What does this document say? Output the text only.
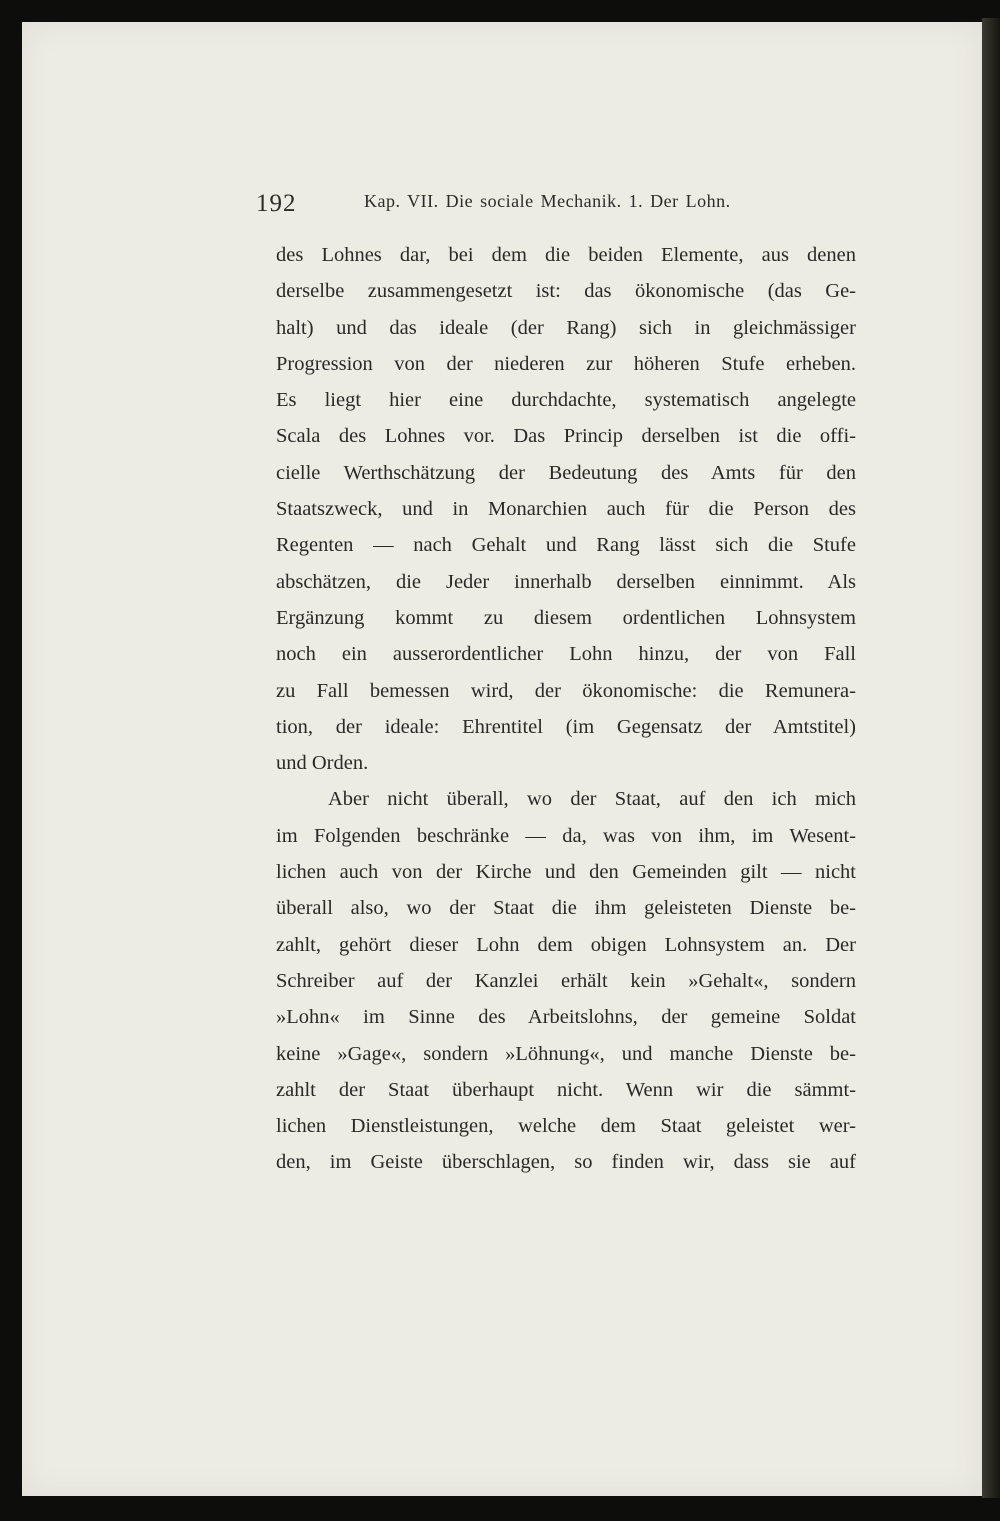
192	Kap. VII. Die sociale Mechanik. 1. Der Lohn.
des Lohnes dar, bei dem die beiden Elemente, aus denen
derselbe zusammengesetzt ist: das ökonomische (das Ge-
halt) und das ideale (der Rang) sich in gleichmässiger
Progression von der niederen zur höheren Stufe erheben.
Es liegt hier eine durchdachte, systematisch angelegte
Scala des Lohnes vor. Das Princip derselben ist die offi-
cielle Werthschätzung der Bedeutung des Amts für den
Staatszweck, und in Monarchien auch für die Person des
Regenten — nach Gehalt und Rang lässt sich die Stufe
abschätzen, die Jeder innerhalb derselben einnimmt. Als
Ergänzung kommt zu diesem ordentlichen Lohnsystem
noch ein ausserordentlicher Lohn hinzu, der von Fall
zu Fall bemessen wird, der ökonomische: die Remunera-
tion, der ideale: Ehrentitel (im Gegensatz der Amtstitel)
und Orden.
Aber nicht überall, wo der Staat, auf den ich mich
im Folgenden beschränke — da, was von ihm, im Wesent-
lichen auch von der Kirche und den Gemeinden gilt — nicht
überall also, wo der Staat die ihm geleisteten Dienste be-
zahlt, gehört dieser Lohn dem obigen Lohnsystem an. Der
Schreiber auf der Kanzlei erhält kein »Gehalt«, sondern
»Lohn« im Sinne des Arbeitslohns, der gemeine Soldat
keine »Gage«, sondern »Löhnung«, und manche Dienste be-
zahlt der Staat überhaupt nicht. Wenn wir die sämmt-
lichen Dienstleistungen, welche dem Staat geleistet wer-
den, im Geiste überschlagen, so finden wir, dass sie auf
